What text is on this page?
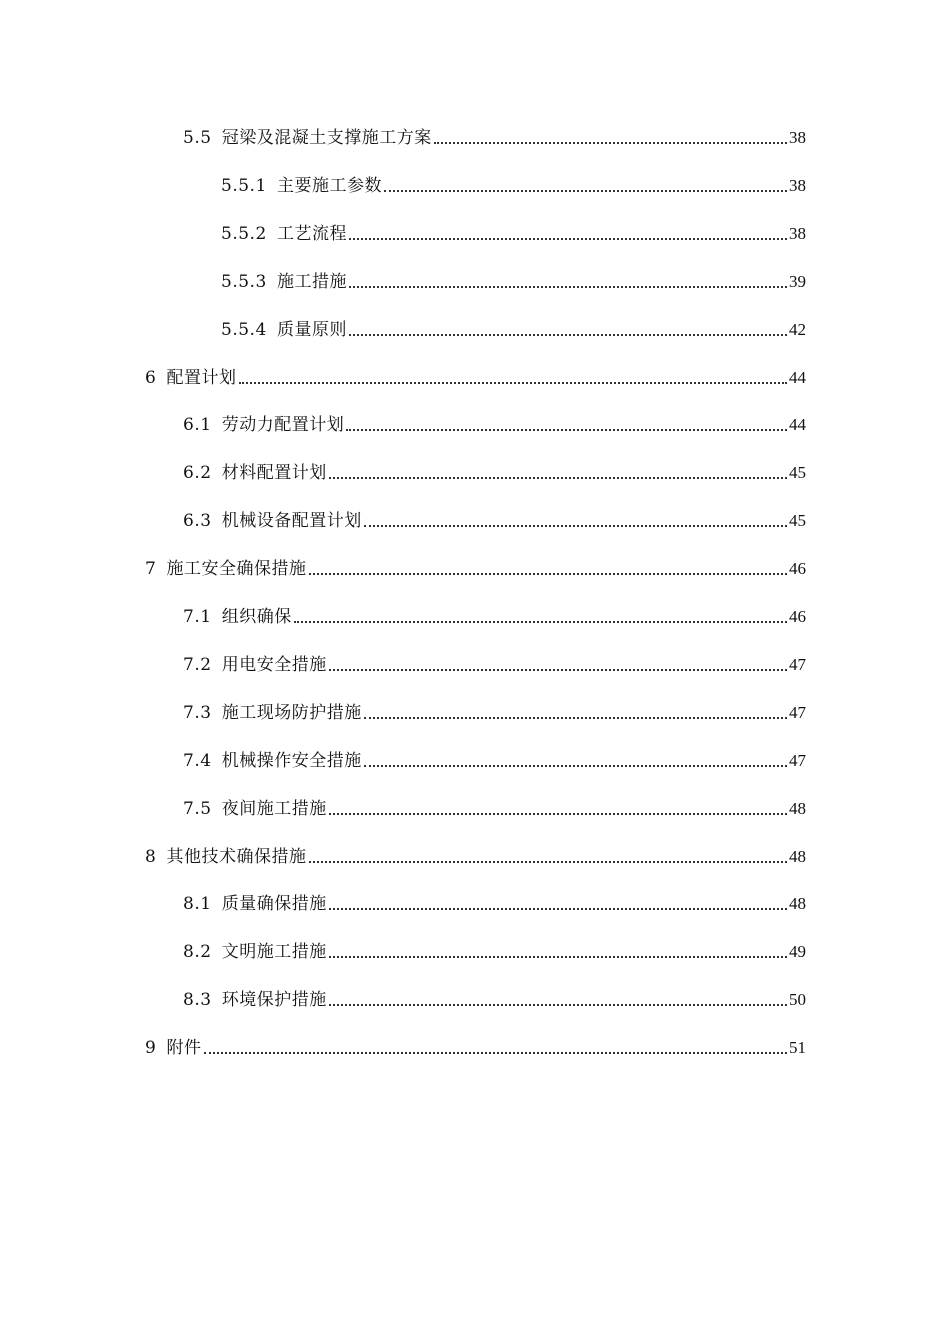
5.5 冠梁及混凝土支撑施工方案	38
5.5.1 主要施工参数	38
5.5.2 工艺流程	38
5.5.3 施工措施	39
5.5.4 质量原则	42
6 配置计划	44
6.1 劳动力配置计划	44
6.2 材料配置计划	45
6.3 机械设备配置计划	45
7 施工安全确保措施	46
7.1 组织确保	46
7.2 用电安全措施	47
7.3 施工现场防护措施	47
7.4 机械操作安全措施	47
7.5 夜间施工措施	48
8 其他技术确保措施	48
8.1 质量确保措施	48
8.2 文明施工措施	49
8.3 环境保护措施	50
9 附件	51
